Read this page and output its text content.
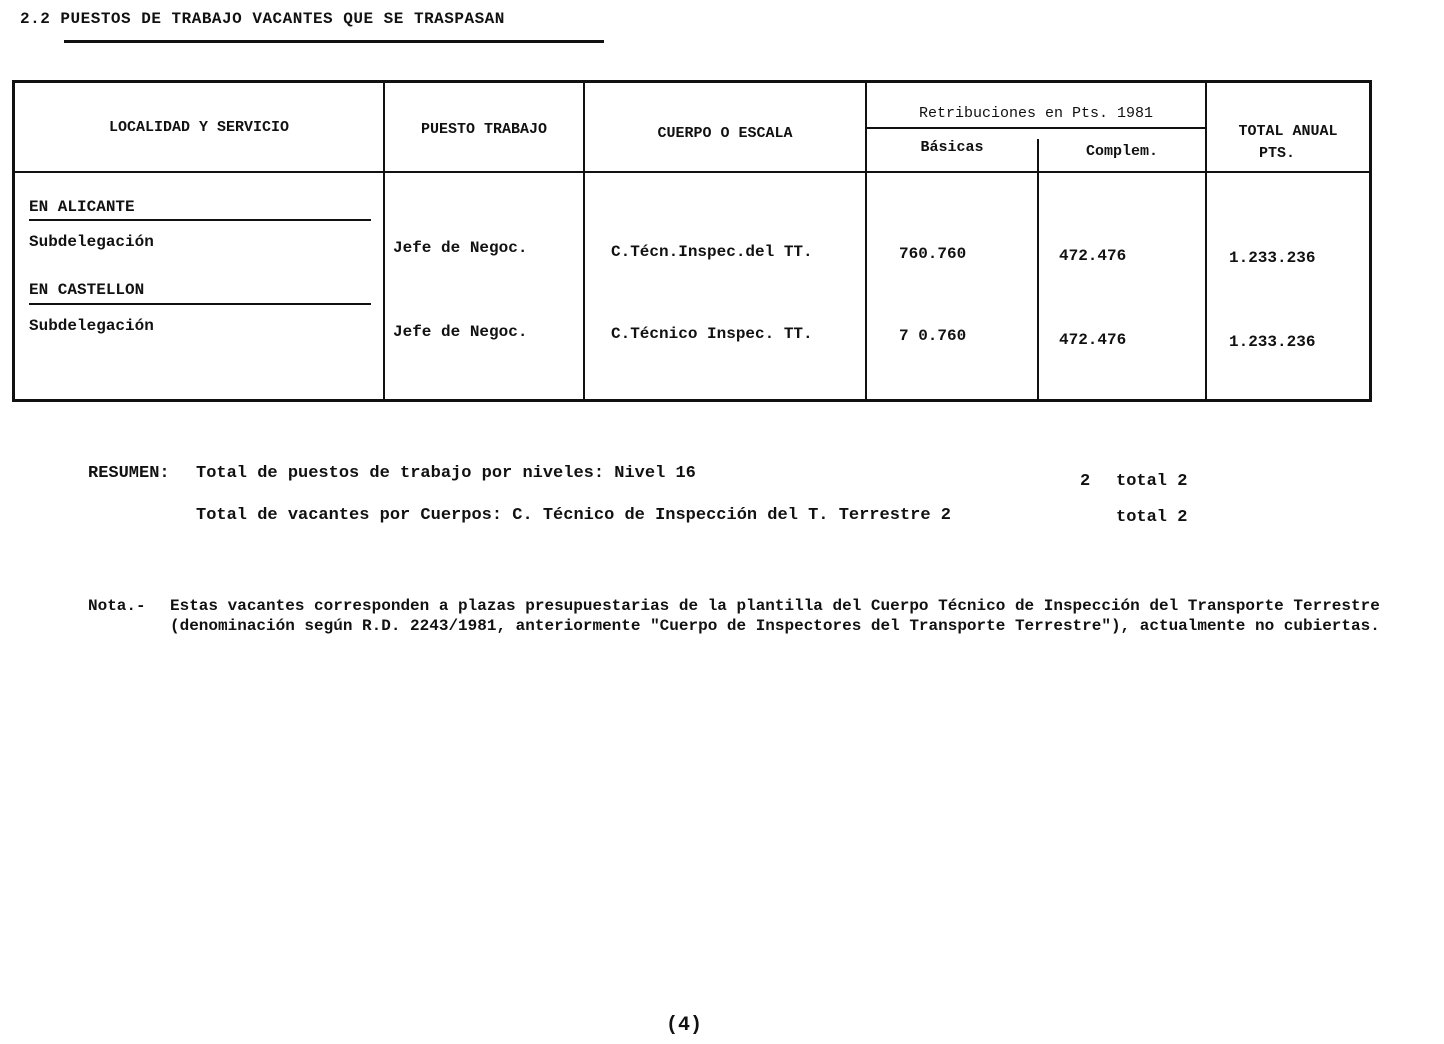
2.2 PUESTOS DE TRABAJO VACANTES QUE SE TRASPASAN
LOCALIDAD Y SERVICIO	PUESTO TRABAJO	CUERPO O ESCALA
Retribuciones en Pts. 1981
Básicas	Complem.
TOTAL ANUAL
PTS.
EN ALICANTE
Subdelegación	Jefe de Negoc.	C.Técn.Inspec.del TT.	760.760	472.476	1.233.236
EN CASTELLON
Subdelegación	Jefe de Negoc.	C.Técnico Inspec. TT.	7 0.760	472.476	1.233.236
RESUMEN: Total de puestos de trabajo por niveles: Nivel 16	2 total 2
Total de vacantes por Cuerpos: C. Técnico de Inspección del T. Terrestre 2	total 2
Nota.- Estas vacantes corresponden a plazas presupuestarias de la plantilla del Cuerpo Técnico de Inspección del Transporte Terrestre (denominación según R.D. 2243/1981, anteriormente "Cuerpo de Inspectores del Transporte Terrestre"), actualmente no cubiertas.
(4)
